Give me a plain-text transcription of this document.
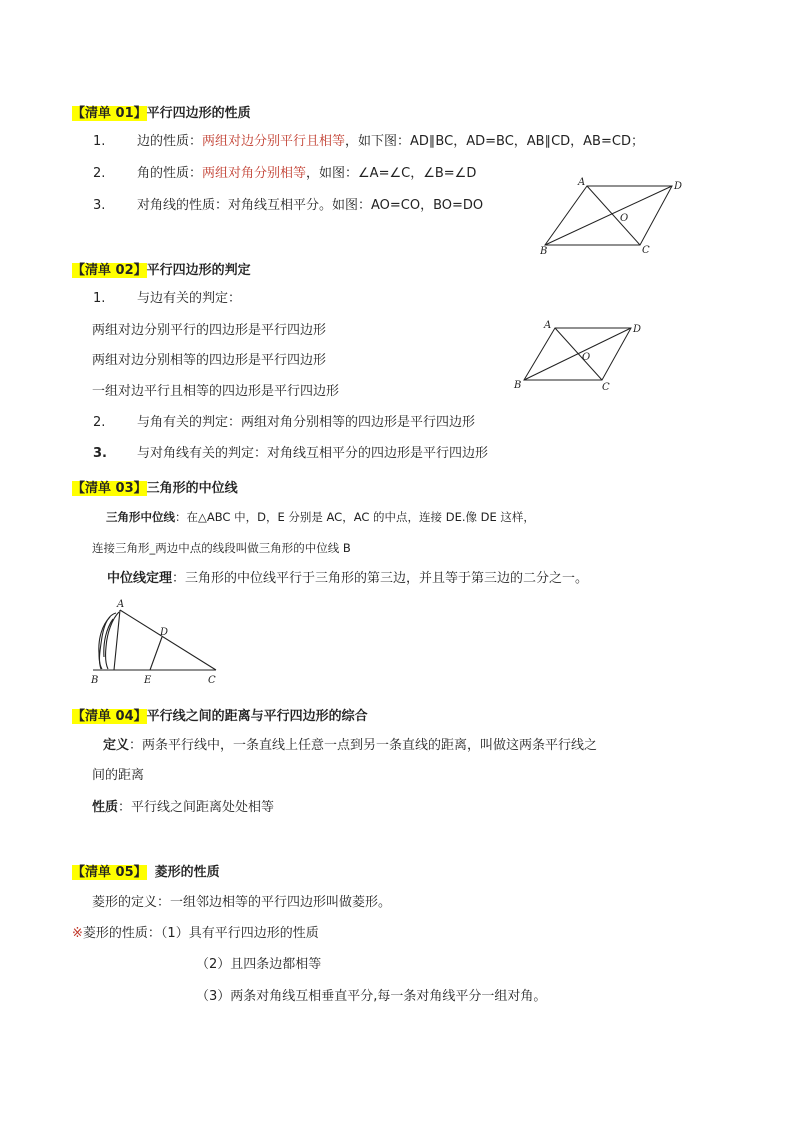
【清单 01】平行四边形的性质
1. 边的性质：两组对边分别平行且相等，如下图：AD∥BC，AD=BC，AB∥CD，AB=CD；
2. 角的性质：两组对角分别相等，如图：∠A=∠C，∠B=∠D
3. 对角线的性质：对角线互相平分。如图：AO=CO，BO=DO
A	D
B	C
O
【清单 02】平行四边形的判定
1. 与边有关的判定：
两组对边分别平行的四边形是平行四边形
两组对边分别相等的四边形是平行四边形
一组对边平行且相等的四边形是平行四边形
2. 与角有关的判定：两组对角分别相等的四边形是平行四边形
3. 与对角线有关的判定：对角线互相平分的四边形是平行四边形
A	D
B	C
O
【清单 03】三角形的中位线
三角形中位线：在△ABC 中，D，E 分别是 AC，AC 的中点，连接 DE.像 DE 这样，
连接三角形_两边中点的线段叫做三角形的中位线 B
中位线定理：三角形的中位线平行于三角形的第三边，并且等于第三边的二分之一。
A
D
B	E	C
【清单 04】平行线之间的距离与平行四边形的综合
定义：两条平行线中，一条直线上任意一点到另一条直线的距离，叫做这两条平行线之
间的距离
性质：平行线之间距离处处相等
【清单 05】 菱形的性质
菱形的定义：一组邻边相等的平行四边形叫做菱形。
※菱形的性质：（1）具有平行四边形的性质
（2）且四条边都相等
（3）两条对角线互相垂直平分,每一条对角线平分一组对角。
